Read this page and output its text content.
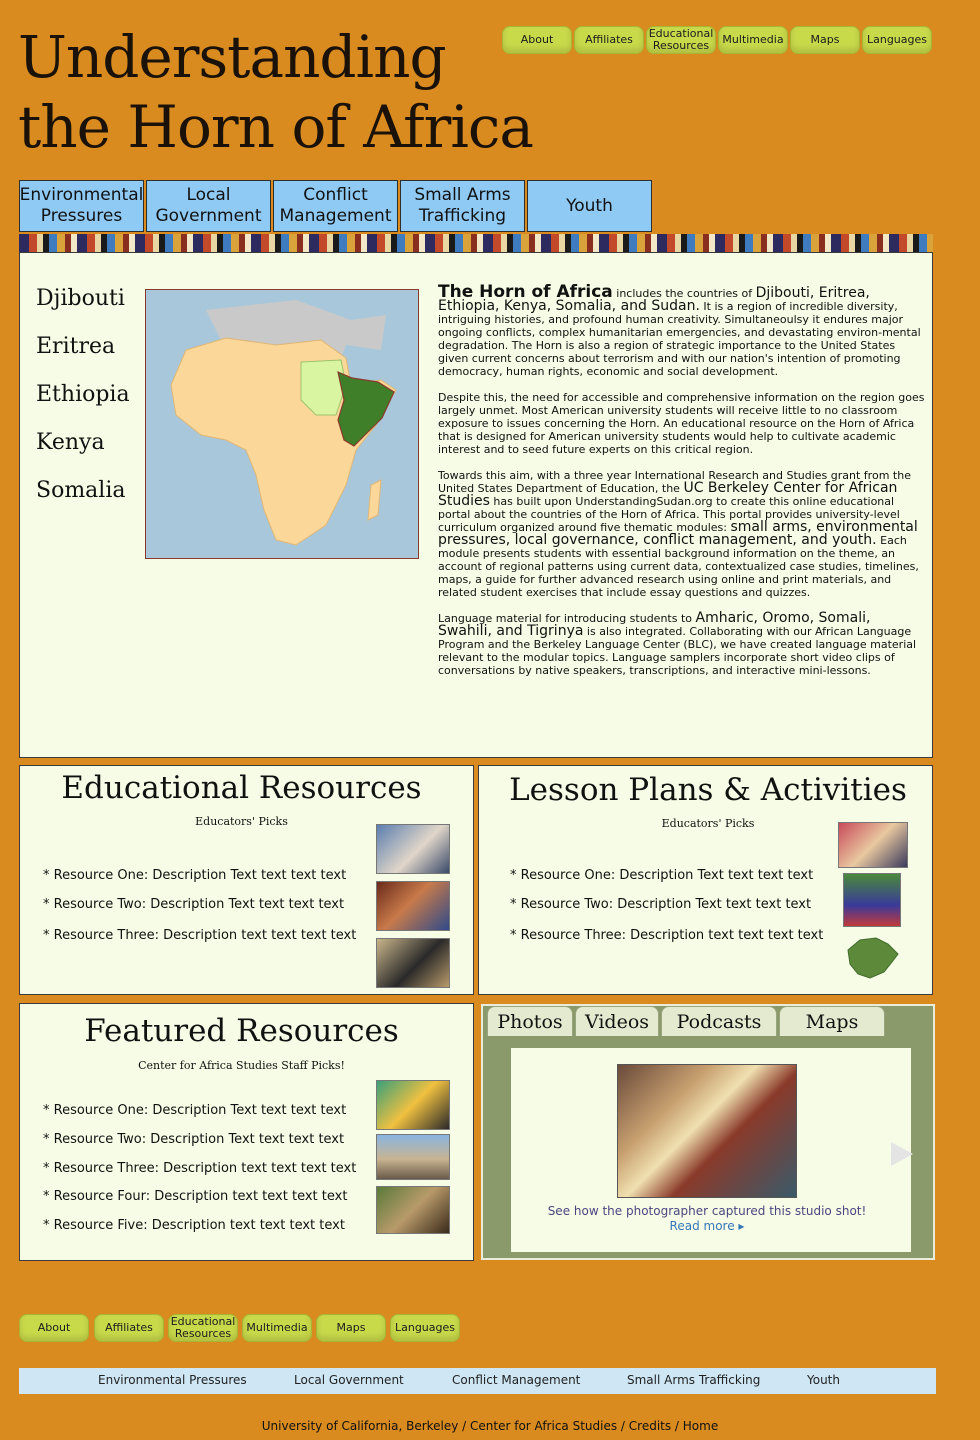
Understanding
the Horn of Africa
About	Affiliates	Educational Resources	Multimedia	Maps	Languages
Environmental Pressures
Local Government
Conflict Management
Small Arms Trafficking
Youth
Djibouti
Eritrea
Ethiopia
Kenya
Somalia

The Horn of Africa includes the countries of Djibouti, Eritrea, Ethiopia, Kenya, Somalia, and Sudan. It is a region of incredible diversity, intriguing histories, and profound human creativity. Simultaneoulsy it endures major ongoing conflicts, complex humanitarian emergencies, and devastating environ-mental degradation. The Horn is also a region of strategic importance to the United States given current concerns about terrorism and with our nation's intention of promoting democracy, human rights, economic and social development.

Despite this, the need for accessible and comprehensive information on the region goes largely unmet. Most American university students will receive little to no classroom exposure to issues concerning the Horn. An educational resource on the Horn of Africa that is designed for American university students would help to cultivate academic interest and to seed future experts on this critical region.

Towards this aim, with a three year International Research and Studies grant from the United States Department of Education, the UC Berkeley Center for African Studies has built upon UnderstandingSudan.org to create this online educational portal about the countries of the Horn of Africa. This portal provides university-level curriculum organized around five thematic modules: small arms, environmental pressures, local governance, conflict management, and youth. Each module presents students with essential background information on the theme, an account of regional patterns using current data, contextualized case studies, timelines, maps, a guide for further advanced research using online and print materials, and related student exercises that include essay questions and quizzes.

Language material for introducing students to Amharic, Oromo, Somali, Swahili, and Tigrinya is also integrated. Collaborating with our African Language Program and the Berkeley Language Center (BLC), we have created language material relevant to the modular topics. Language samplers incorporate short video clips of conversations by native speakers, transcriptions, and interactive mini-lessons.

Educational Resources
Educators' Picks
* Resource One: Description Text text text text
* Resource Two: Description Text text text text
* Resource Three: Description text text text text
Lesson Plans & Activities
Educators' Picks
* Resource One: Description Text text text text
* Resource Two: Description Text text text text
* Resource Three: Description text text text text
Featured Resources
Center for Africa Studies Staff Picks!
* Resource One: Description Text text text text
* Resource Two: Description Text text text text
* Resource Three: Description text text text text
* Resource Four: Description text text text text
* Resource Five: Description text text text text
Photos	Videos	Podcasts	Maps
See how the photographer captured this studio shot! Read more ▸
About	Affiliates	Educational Resources	Multimedia	Maps	Languages
Environmental Pressures	Local Government	Conflict Management	Small Arms Trafficking	Youth
University of California, Berkeley / Center for Africa Studies / Credits / Home
